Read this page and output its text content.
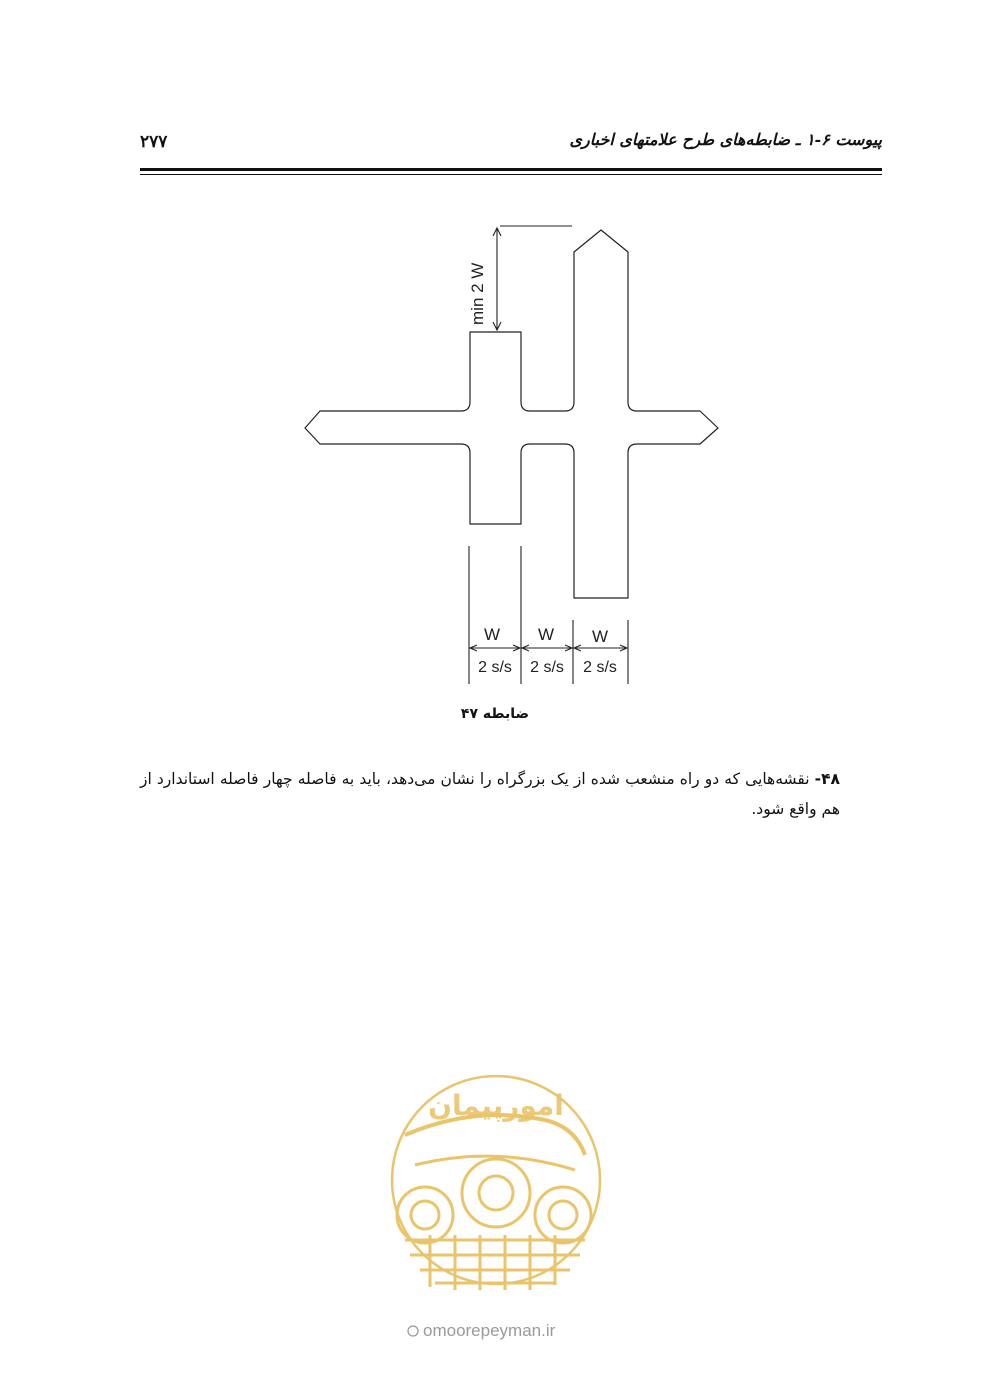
۲۷۷	پیوست ۶-۱ ـ ضابطه‌های طرح علامتهای اخباری
min 2 W
W W W
2 s/s 2 s/s 2 s/s
ضابطه ۴۷
۴۸- نقشه‌هایی که دو راه منشعب شده از یک بزرگراه را نشان می‌دهد، باید به فاصله چهار فاصله استاندارد از هم واقع شود.
امورپیمان
omoorepeyman.ir
